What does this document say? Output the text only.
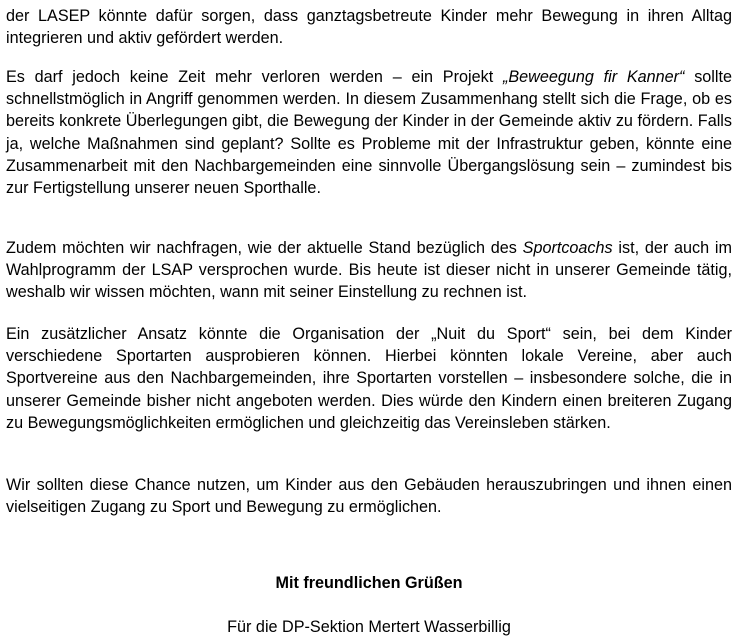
der LASEP könnte dafür sorgen, dass ganztagsbetreute Kinder mehr Bewegung in ihren Alltag integrieren und aktiv gefördert werden.

Es darf jedoch keine Zeit mehr verloren werden – ein Projekt „Beweegung fir Kanner“ sollte schnellstmöglich in Angriff genommen werden. In diesem Zusammenhang stellt sich die Frage, ob es bereits konkrete Überlegungen gibt, die Bewegung der Kinder in der Gemeinde aktiv zu fördern. Falls ja, welche Maßnahmen sind geplant? Sollte es Probleme mit der Infrastruktur geben, könnte eine Zusammenarbeit mit den Nachbargemeinden eine sinnvolle Übergangslösung sein – zumindest bis zur Fertigstellung unserer neuen Sporthalle.

Zudem möchten wir nachfragen, wie der aktuelle Stand bezüglich des Sportcoachs ist, der auch im Wahlprogramm der LSAP versprochen wurde. Bis heute ist dieser nicht in unserer Gemeinde tätig, weshalb wir wissen möchten, wann mit seiner Einstellung zu rechnen ist.

Ein zusätzlicher Ansatz könnte die Organisation der „Nuit du Sport“ sein, bei dem Kinder verschiedene Sportarten ausprobieren können. Hierbei könnten lokale Vereine, aber auch Sportvereine aus den Nachbargemeinden, ihre Sportarten vorstellen – insbesondere solche, die in unserer Gemeinde bisher nicht angeboten werden. Dies würde den Kindern einen breiteren Zugang zu Bewegungsmöglichkeiten ermöglichen und gleichzeitig das Vereinsleben stärken.

Wir sollten diese Chance nutzen, um Kinder aus den Gebäuden herauszubringen und ihnen einen vielseitigen Zugang zu Sport und Bewegung zu ermöglichen.

Mit freundlichen Grüßen
Für die DP-Sektion Mertert Wasserbillig
